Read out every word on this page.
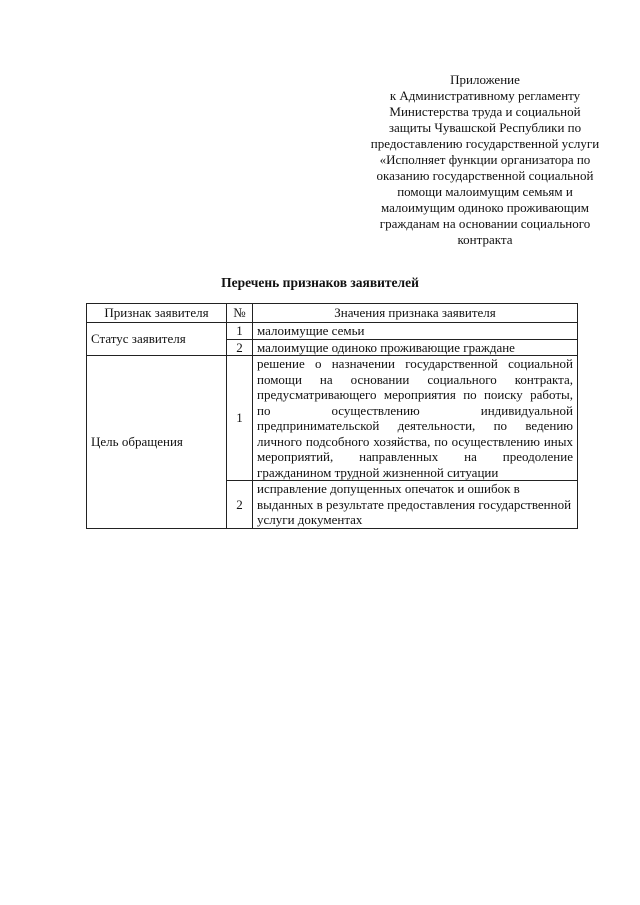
Приложение
к Административному регламенту
Министерства труда и социальной
защиты Чувашской Республики по
предоставлению государственной услуги
«Исполняет функции организатора по
оказанию государственной социальной
помощи малоимущим семьям и
малоимущим одиноко проживающим
гражданам на основании социального
контракта
Перечень признаков заявителей
Признак заявителя	№	Значения признака заявителя
Статус заявителя	1	малоимущие семьи
	2	малоимущие одиноко проживающие граждане
Цель обращения	1	решение о назначении государственной социальной помощи на основании социального контракта, предусматривающего мероприятия по поиску работы, по осуществлению индивидуальной предпринимательской деятельности, по ведению личного подсобного хозяйства, по осуществлению иных мероприятий, направленных на преодоление гражданином трудной жизненной ситуации
	2	исправление допущенных опечаток и ошибок в выданных в результате предоставления государственной услуги документах
